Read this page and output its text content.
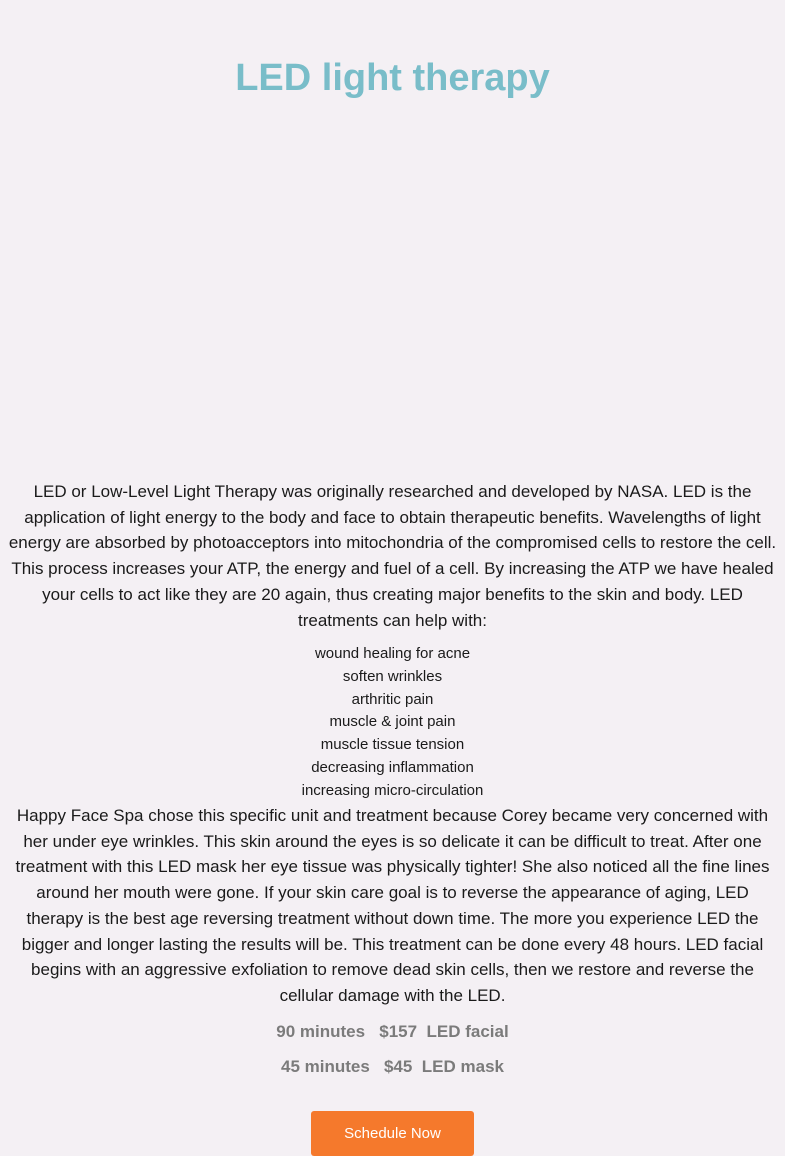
LED light therapy

LED or Low-Level Light Therapy was originally researched and developed by NASA. LED is the application of light energy to the body and face to obtain therapeutic benefits. Wavelengths of light energy are absorbed by photoacceptors into mitochondria of the compromised cells to restore the cell. This process increases your ATP, the energy and fuel of a cell. By increasing the ATP we have healed your cells to act like they are 20 again, thus creating major benefits to the skin and body. LED treatments can help with:

wound healing for acne
soften wrinkles
arthritic pain
muscle & joint pain
muscle tissue tension
decreasing inflammation
increasing micro-circulation

Happy Face Spa chose this specific unit and treatment because Corey became very concerned with her under eye wrinkles. This skin around the eyes is so delicate it can be difficult to treat. After one treatment with this LED mask her eye tissue was physically tighter! She also noticed all the fine lines around her mouth were gone. If your skin care goal is to reverse the appearance of aging, LED therapy is the best age reversing treatment without down time. The more you experience LED the bigger and longer lasting the results will be. This treatment can be done every 48 hours. LED facial begins with an aggressive exfoliation to remove dead skin cells, then we restore and reverse the cellular damage with the LED.

90 minutes   $157  LED facial

45 minutes   $45  LED mask

Schedule Now
